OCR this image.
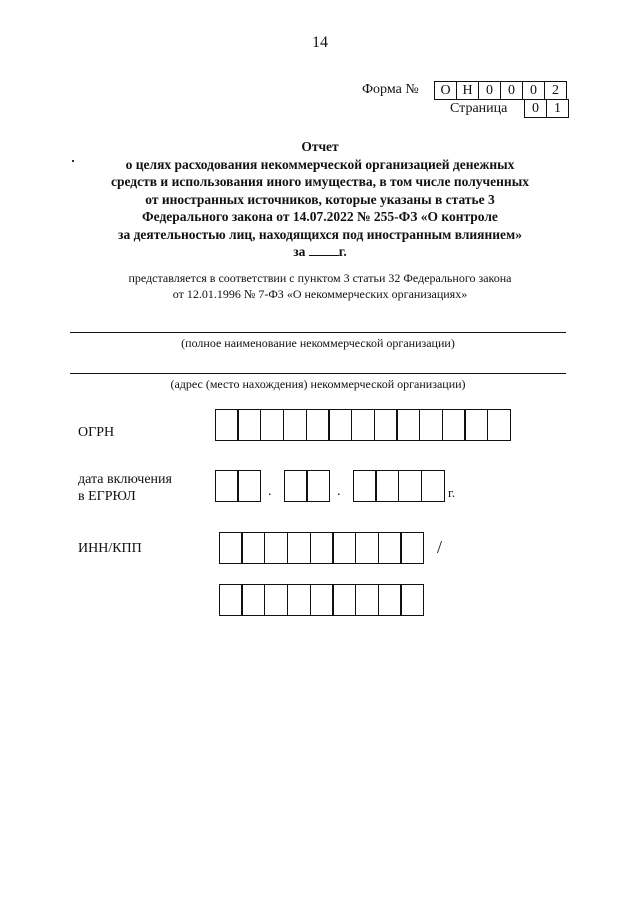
14
Форма №	О Н 0	0	0	2
Страница	0	1
Отчет
о целях расходования некоммерческой организацией денежных
средств и использования иного имущества, в том числе полученных
от иностранных источников, которые указаны в статье 3
Федерального закона от 14.07.2022 № 255-ФЗ «О контроле
за деятельностью лиц, находящихся под иностранным влиянием»
за г.
представляется в соответствии с пунктом 3 статьи 32 Федерального закона
от 12.01.1996 № 7-ФЗ «О некоммерческих организациях»
(полное наименование некоммерческой организации)
(адрес (место нахождения) некоммерческой организации)
ОГРН
дата включения
в ЕГРЮЛ	.	.	г.
ИНН/КПП	/
